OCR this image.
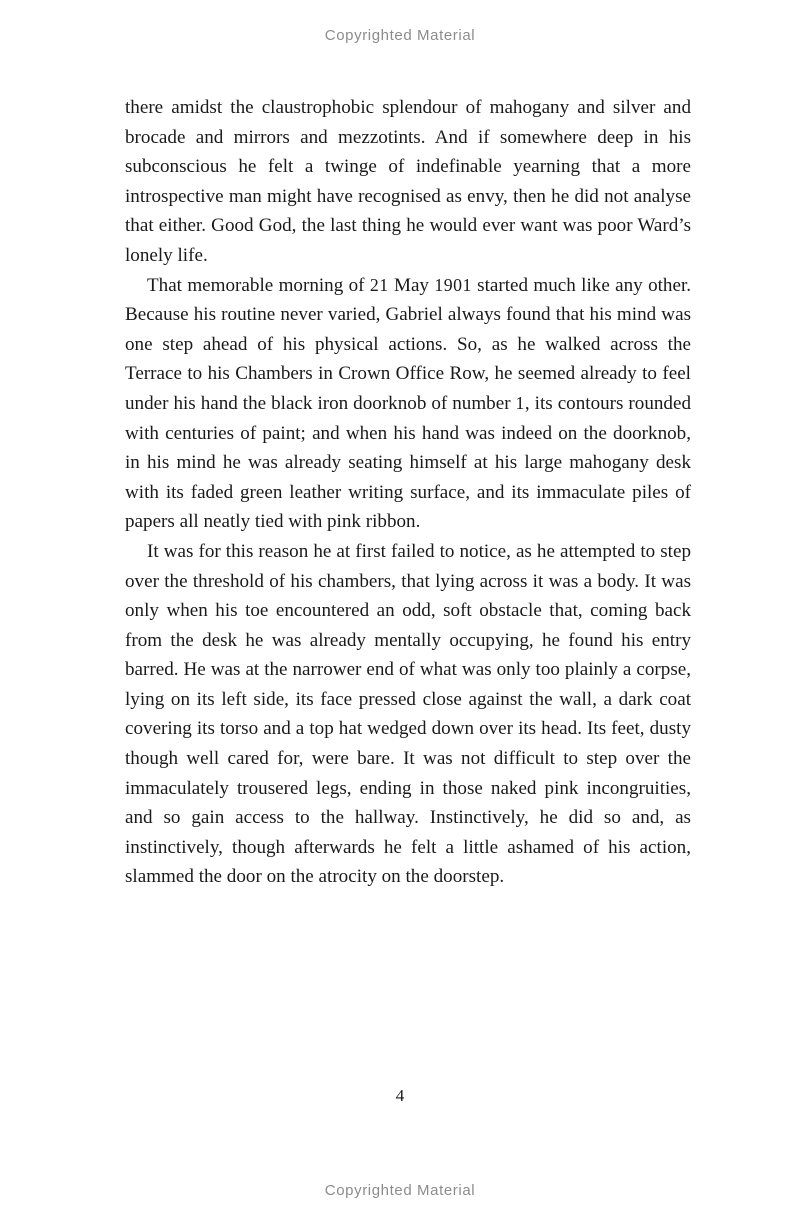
Copyrighted Material

there amidst the claustrophobic splendour of mahogany and silver and brocade and mirrors and mezzotints. And if somewhere deep in his subconscious he felt a twinge of indefinable yearning that a more introspective man might have recognised as envy, then he did not analyse that either. Good God, the last thing he would ever want was poor Ward’s lonely life.

That memorable morning of 21 May 1901 started much like any other. Because his routine never varied, Gabriel always found that his mind was one step ahead of his physical actions. So, as he walked across the Terrace to his Chambers in Crown Office Row, he seemed already to feel under his hand the black iron doorknob of number 1, its contours rounded with centuries of paint; and when his hand was indeed on the doorknob, in his mind he was already seating himself at his large mahogany desk with its faded green leather writing surface, and its immaculate piles of papers all neatly tied with pink ribbon.

It was for this reason he at first failed to notice, as he attempted to step over the threshold of his chambers, that lying across it was a body. It was only when his toe encountered an odd, soft obstacle that, coming back from the desk he was already mentally occupying, he found his entry barred. He was at the narrower end of what was only too plainly a corpse, lying on its left side, its face pressed close against the wall, a dark coat covering its torso and a top hat wedged down over its head. Its feet, dusty though well cared for, were bare. It was not difficult to step over the immaculately trousered legs, ending in those naked pink incongruities, and so gain access to the hallway. Instinctively, he did so and, as instinctively, though afterwards he felt a little ashamed of his action, slammed the door on the atrocity on the doorstep.

4
Copyrighted Material
